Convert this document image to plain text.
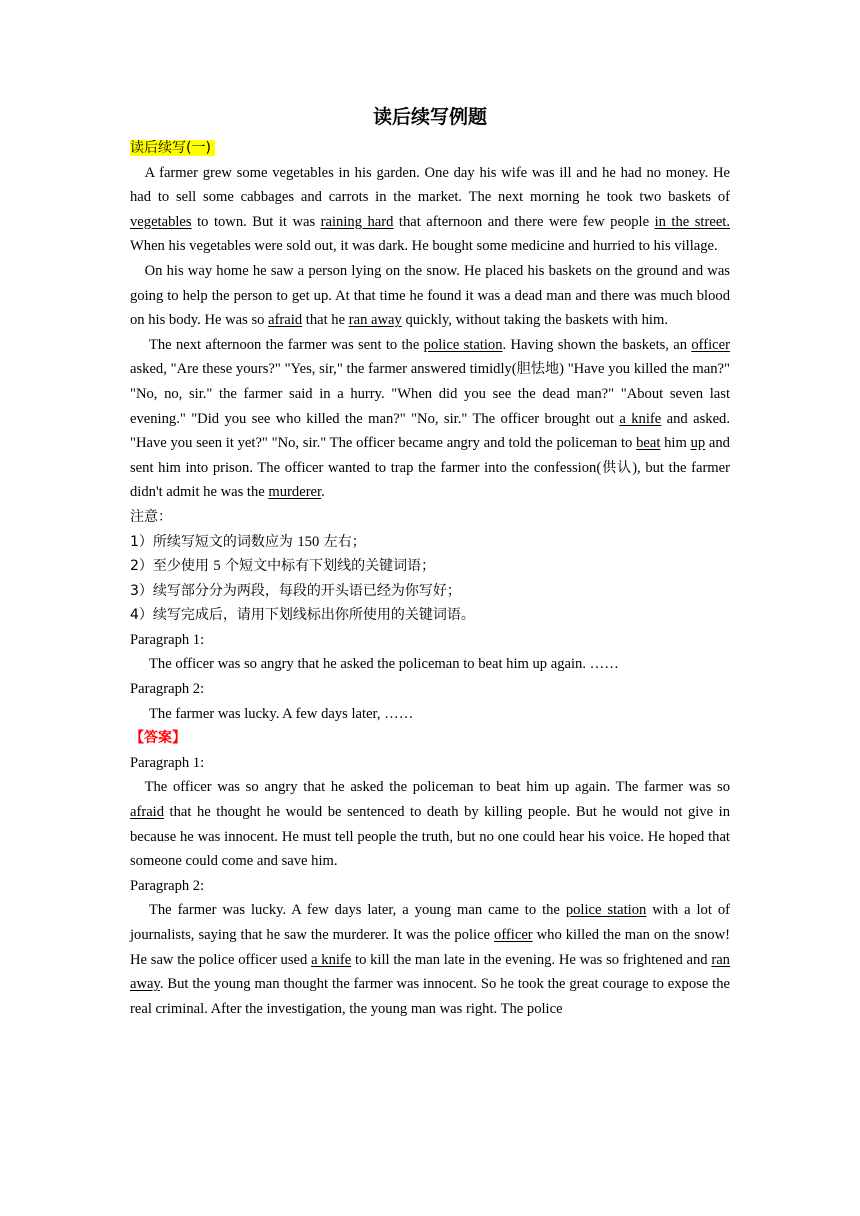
读后续写例题
读后续写(一)
A farmer grew some vegetables in his garden. One day his wife was ill and he had no money. He had to sell some cabbages and carrots in the market. The next morning he took two baskets of vegetables to town. But it was raining hard that afternoon and there were few people in the street. When his vegetables were sold out, it was dark. He bought some medicine and hurried to his village.
On his way home he saw a person lying on the snow. He placed his baskets on the ground and was going to help the person to get up. At that time he found it was a dead man and there was much blood on his body. He was so afraid that he ran away quickly, without taking the baskets with him.
The next afternoon the farmer was sent to the police station. Having shown the baskets, an officer asked, "Are these yours?" "Yes, sir," the farmer answered timidly(胆怯地) "Have you killed the man?" "No, no, sir." the farmer said in a hurry. "When did you see the dead man?" "About seven last evening." "Did you see who killed the man?" "No, sir." The officer brought out a knife and asked. "Have you seen it yet?" "No, sir." The officer became angry and told the policeman to beat him up and sent him into prison. The officer wanted to trap the farmer into the confession(供认), but the farmer didn't admit he was the murderer.
注意：
1）所续写短文的词数应为 150 左右；
2）至少使用 5 个短文中标有下划线的关键词语；
3）续写部分分为两段，每段的开头语已经为你写好；
4）续写完成后，请用下划线标出你所使用的关键词语。
Paragraph 1:
The officer was so angry that he asked the policeman to beat him up again. ……
Paragraph 2:
The farmer was lucky. A few days later, ……
【答案】
Paragraph 1:
The officer was so angry that he asked the policeman to beat him up again. The farmer was so afraid that he thought he would be sentenced to death by killing people. But he would not give in because he was innocent. He must tell people the truth, but no one could hear his voice. He hoped that someone could come and save him.
Paragraph 2:
The farmer was lucky. A few days later, a young man came to the police station with a lot of journalists, saying that he saw the murderer. It was the police officer who killed the man on the snow! He saw the police officer used a knife to kill the man late in the evening. He was so frightened and ran away. But the young man thought the farmer was innocent. So he took the great courage to expose the real criminal. After the investigation, the young man was right. The police
